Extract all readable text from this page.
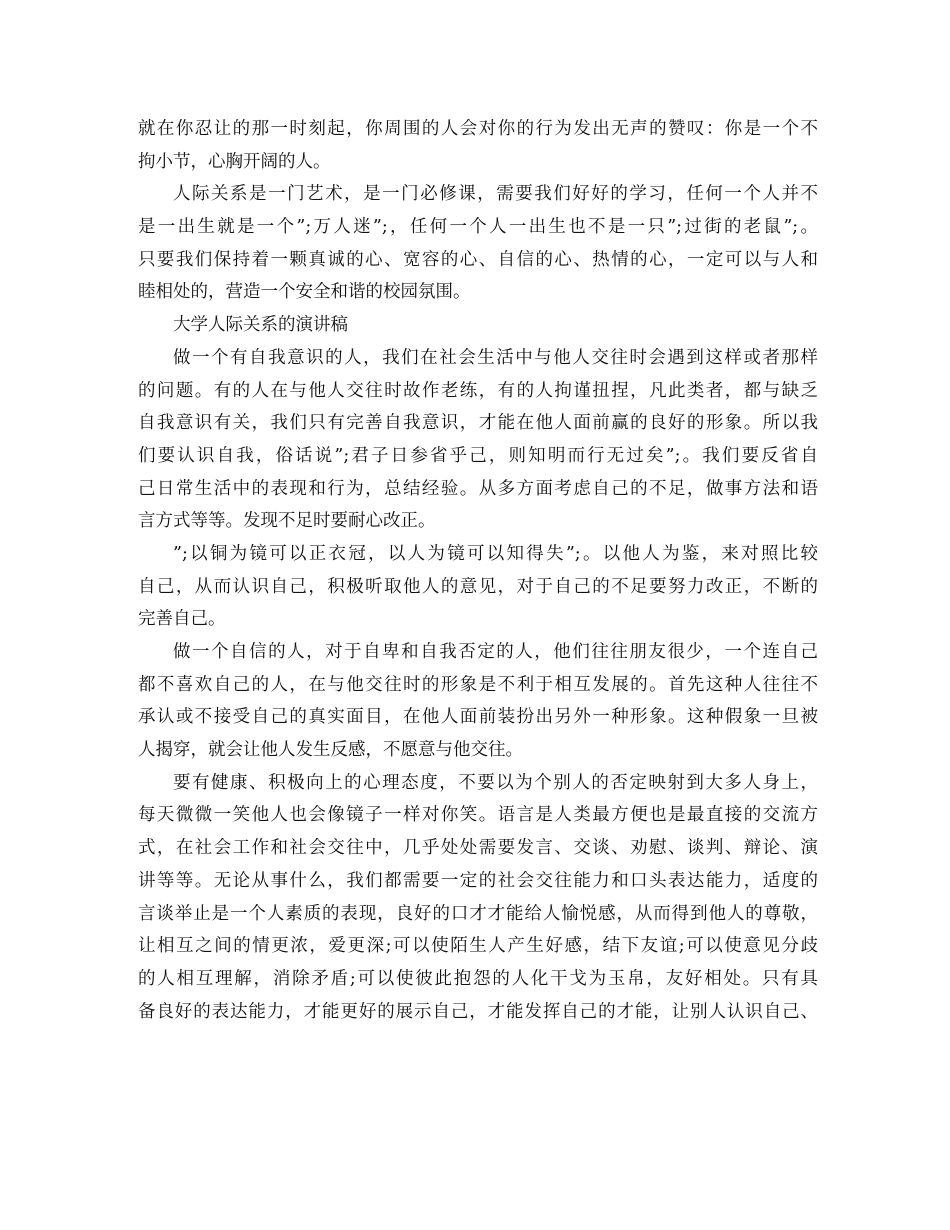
就在你忍让的那一时刻起，你周围的人会对你的行为发出无声的赞叹：你是一个不
拘小节，心胸开阔的人。
人际关系是一门艺术，是一门必修课，需要我们好好的学习，任何一个人并不
是一出生就是一个”;万人迷”;，任何一个人一出生也不是一只”;过街的老鼠”;。
只要我们保持着一颗真诚的心、宽容的心、自信的心、热情的心，一定可以与人和
睦相处的，营造一个安全和谐的校园氛围。
大学人际关系的演讲稿
做一个有自我意识的人，我们在社会生活中与他人交往时会遇到这样或者那样
的问题。有的人在与他人交往时故作老练，有的人拘谨扭捏，凡此类者，都与缺乏
自我意识有关，我们只有完善自我意识，才能在他人面前赢的良好的形象。所以我
们要认识自我，俗话说”;君子日参省乎己，则知明而行无过矣”;。我们要反省自
己日常生活中的表现和行为，总结经验。从多方面考虑自己的不足，做事方法和语
言方式等等。发现不足时要耐心改正。
”;以铜为镜可以正衣冠，以人为镜可以知得失”;。以他人为鉴，来对照比较
自己，从而认识自己，积极听取他人的意见，对于自己的不足要努力改正，不断的
完善自己。
做一个自信的人，对于自卑和自我否定的人，他们往往朋友很少，一个连自己
都不喜欢自己的人，在与他交往时的形象是不利于相互发展的。首先这种人往往不
承认或不接受自己的真实面目，在他人面前装扮出另外一种形象。这种假象一旦被
人揭穿，就会让他人发生反感，不愿意与他交往。
要有健康、积极向上的心理态度，不要以为个别人的否定映射到大多人身上，
每天微微一笑他人也会像镜子一样对你笑。语言是人类最方便也是最直接的交流方
式，在社会工作和社会交往中，几乎处处需要发言、交谈、劝慰、谈判、辩论、演
讲等等。无论从事什么，我们都需要一定的社会交往能力和口头表达能力，适度的
言谈举止是一个人素质的表现，良好的口才才能给人愉悦感，从而得到他人的尊敬，
让相互之间的情更浓，爱更深;可以使陌生人产生好感，结下友谊;可以使意见分歧
的人相互理解，消除矛盾;可以使彼此抱怨的人化干戈为玉帛，友好相处。只有具
备良好的表达能力，才能更好的展示自己，才能发挥自己的才能，让别人认识自己、
